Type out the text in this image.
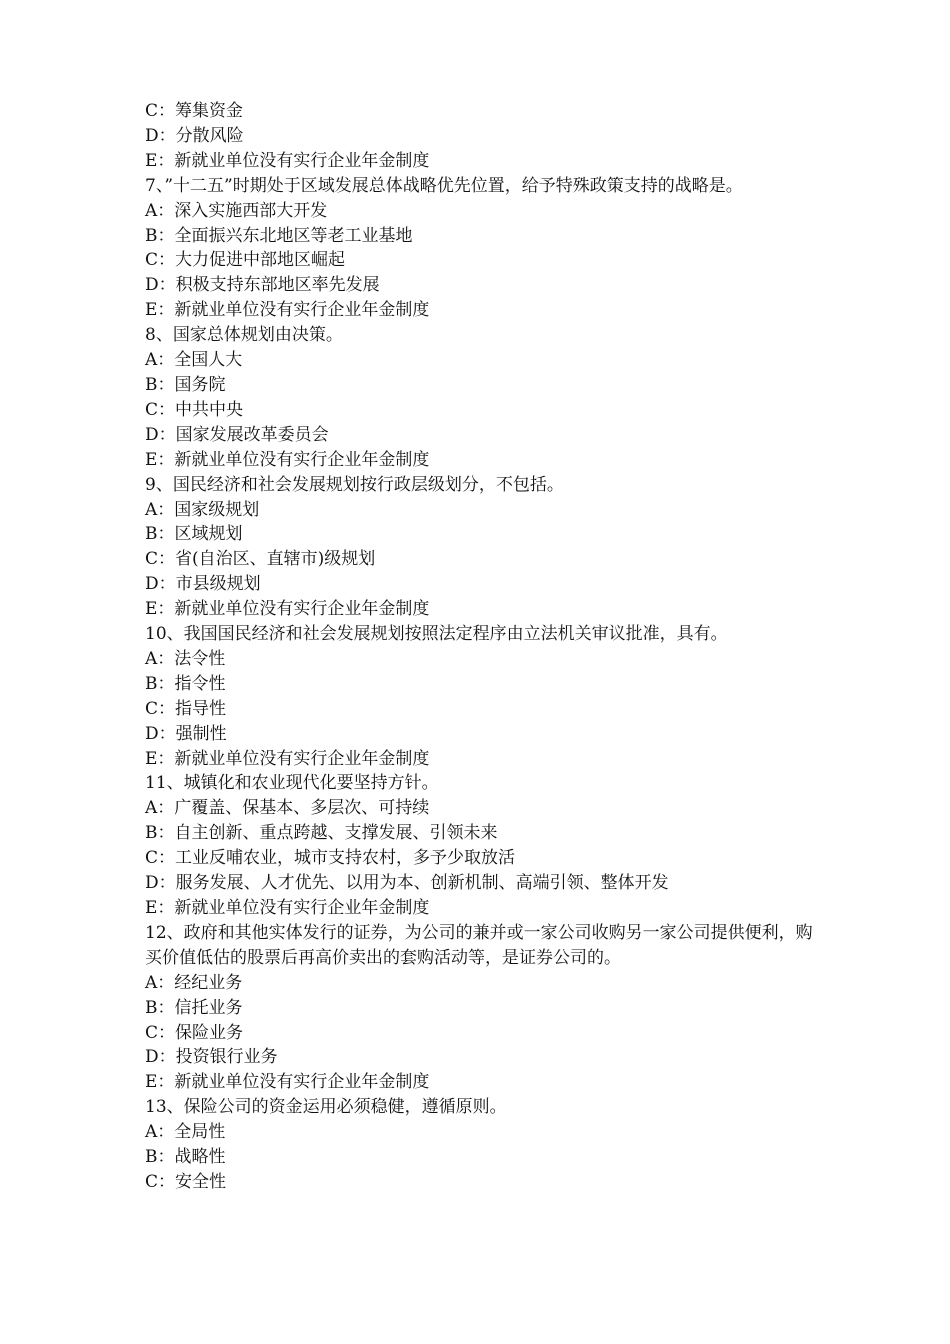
C：筹集资金
D：分散风险
E：新就业单位没有实行企业年金制度
7、”十二五”时期处于区域发展总体战略优先位置，给予特殊政策支持的战略是。
A：深入实施西部大开发
B：全面振兴东北地区等老工业基地
C：大力促进中部地区崛起
D：积极支持东部地区率先发展
E：新就业单位没有实行企业年金制度
8、国家总体规划由决策。
A：全国人大
B：国务院
C：中共中央
D：国家发展改革委员会
E：新就业单位没有实行企业年金制度
9、国民经济和社会发展规划按行政层级划分，不包括。
A：国家级规划
B：区域规划
C：省(自治区、直辖市)级规划
D：市县级规划
E：新就业单位没有实行企业年金制度
10、我国国民经济和社会发展规划按照法定程序由立法机关审议批准，具有。
A：法令性
B：指令性
C：指导性
D：强制性
E：新就业单位没有实行企业年金制度
11、城镇化和农业现代化要坚持方针。
A：广覆盖、保基本、多层次、可持续
B：自主创新、重点跨越、支撑发展、引领未来
C：工业反哺农业，城市支持农村，多予少取放活
D：服务发展、人才优先、以用为本、创新机制、高端引领、整体开发
E：新就业单位没有实行企业年金制度
12、政府和其他实体发行的证券，为公司的兼并或一家公司收购另一家公司提供便利，购买价值低估的股票后再高价卖出的套购活动等，是证券公司的。
A：经纪业务
B：信托业务
C：保险业务
D：投资银行业务
E：新就业单位没有实行企业年金制度
13、保险公司的资金运用必须稳健，遵循原则。
A：全局性
B：战略性
C：安全性
